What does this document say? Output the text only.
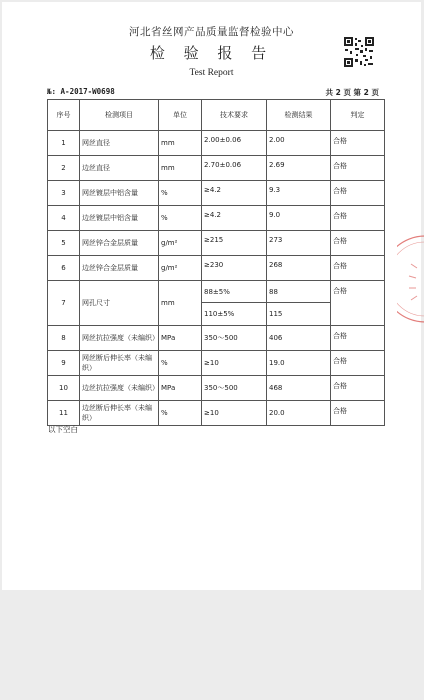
河北省丝网产品质量监督检验中心
检 验 报 告
Test Report
№: A-2017-W0698	共 2 页 第 2 页
序号	检测项目	单位	技术要求	检测结果	判定
1	网丝直径	mm	2.00±0.06	2.00	合格
2	边丝直径	mm	2.70±0.06	2.69	合格
3	网丝镀层中铝含量	%	≥4.2	9.3	合格
4	边丝镀层中铝含量	%	≥4.2	9.0	合格
5	网丝锌合金层质量	g/m²	≥215	273	合格
6	边丝锌合金层质量	g/m²	≥230	268	合格
7	网孔尺寸	mm	88±5%	88	合格
			110±5%	115	
8	网丝抗拉强度（未编织）	MPa	350～500	406	合格
9	网丝断后伸长率（未编织）	%	≥10	19.0	合格
10	边丝抗拉强度（未编织）	MPa	350～500	468	合格
11	边丝断后伸长率（未编织）	%	≥10	20.0	合格
以下空白
